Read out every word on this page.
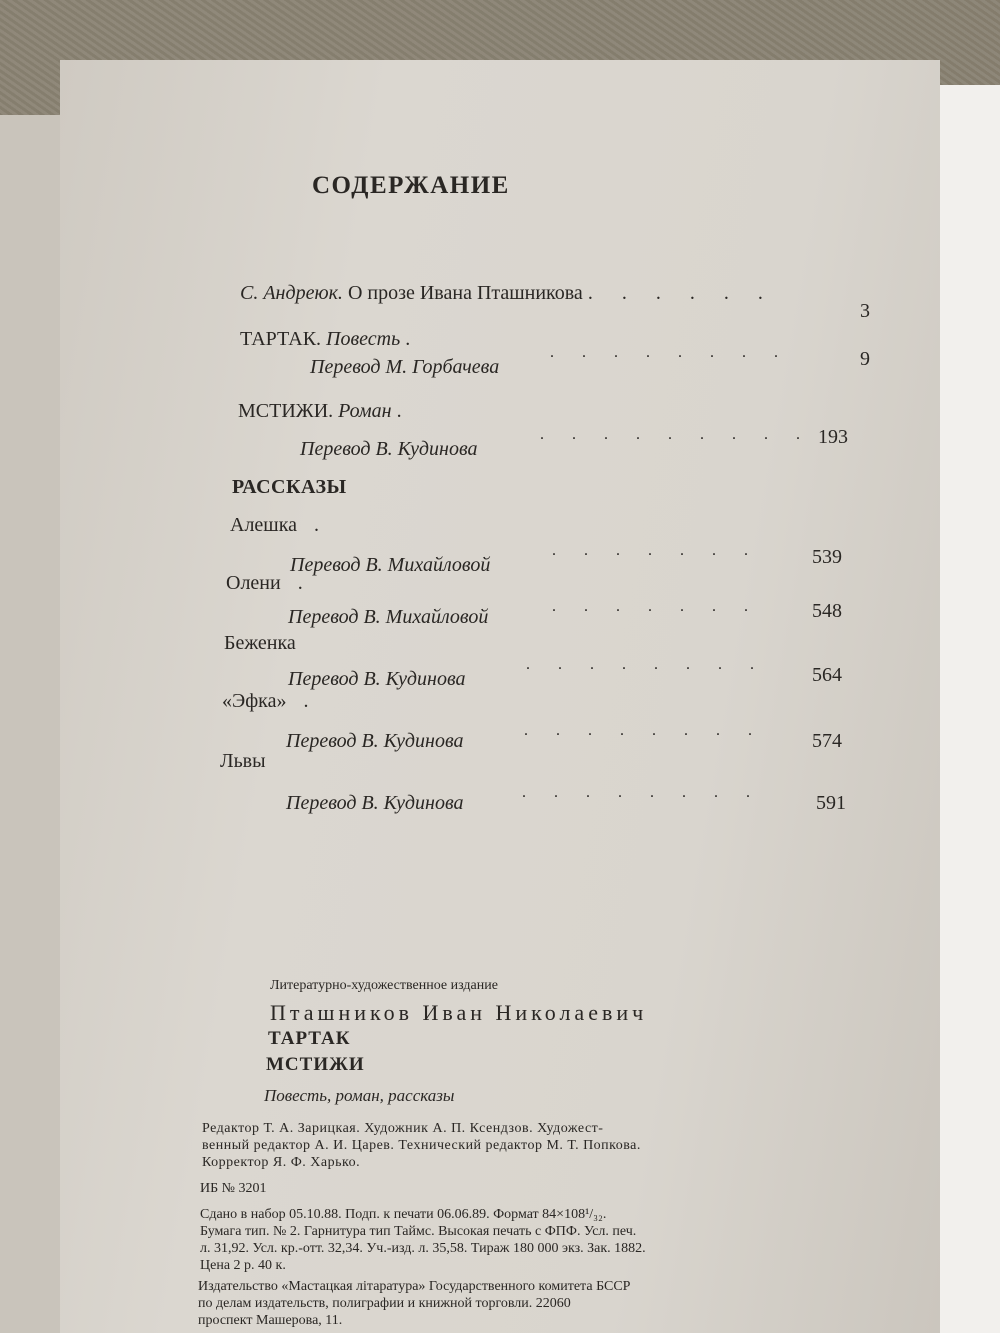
СОДЕРЖАНИЕ
С. Андреюк. О прозе Ивана Пташникова . . . . . .
3
ТАРТАК. Повесть .
Перевод М. Горбачева
. . . . . . . .	9
МСТИЖИ. Роман .
Перевод В. Кудинова
. . . . . . . . . 193
РАССКАЗЫ
Алешка .
Перевод В. Михайловой
. . . . . . .	539
Олени .
Перевод В. Михайловой	. . . . . . .	548
Беженка
Перевод В. Кудинова
. . . . . . . . 564
«Эфка» .
Перевод В. Кудинова	. . . . . . . . 574
Львы
Перевод В. Кудинова	. . . . . . . .	591
Литературно-художественное издание
Пташников Иван Николаевич
ТАРТАК
МСТИЖИ
Повесть, роман, рассказы
Редактор Т. А. Зарицкая. Художник А. П. Ксендзов. Художест-
венный редактор А. И. Царев. Технический редактор М. Т. Попкова.
Корректор Я. Ф. Харько.
ИБ № 3201
Сдано в набор 05.10.88. Подп. к печати 06.06.89. Формат 84×108¹/₃₂.
Бумага тип. № 2. Гарнитура тип Таймс. Высокая печать с ФПФ. Усл. печ.
л. 31,92. Усл. кр.-отт. 32,34. Уч.-изд. л. 35,58. Тираж 180 000 экз. Зак. 1882.
Цена 2 р. 40 к.
Издательство «Мастацкая літаратура» Государственного комитета БССР
по делам издательств, полиграфии и книжной торговли. 22060
проспект Машерова, 11.
